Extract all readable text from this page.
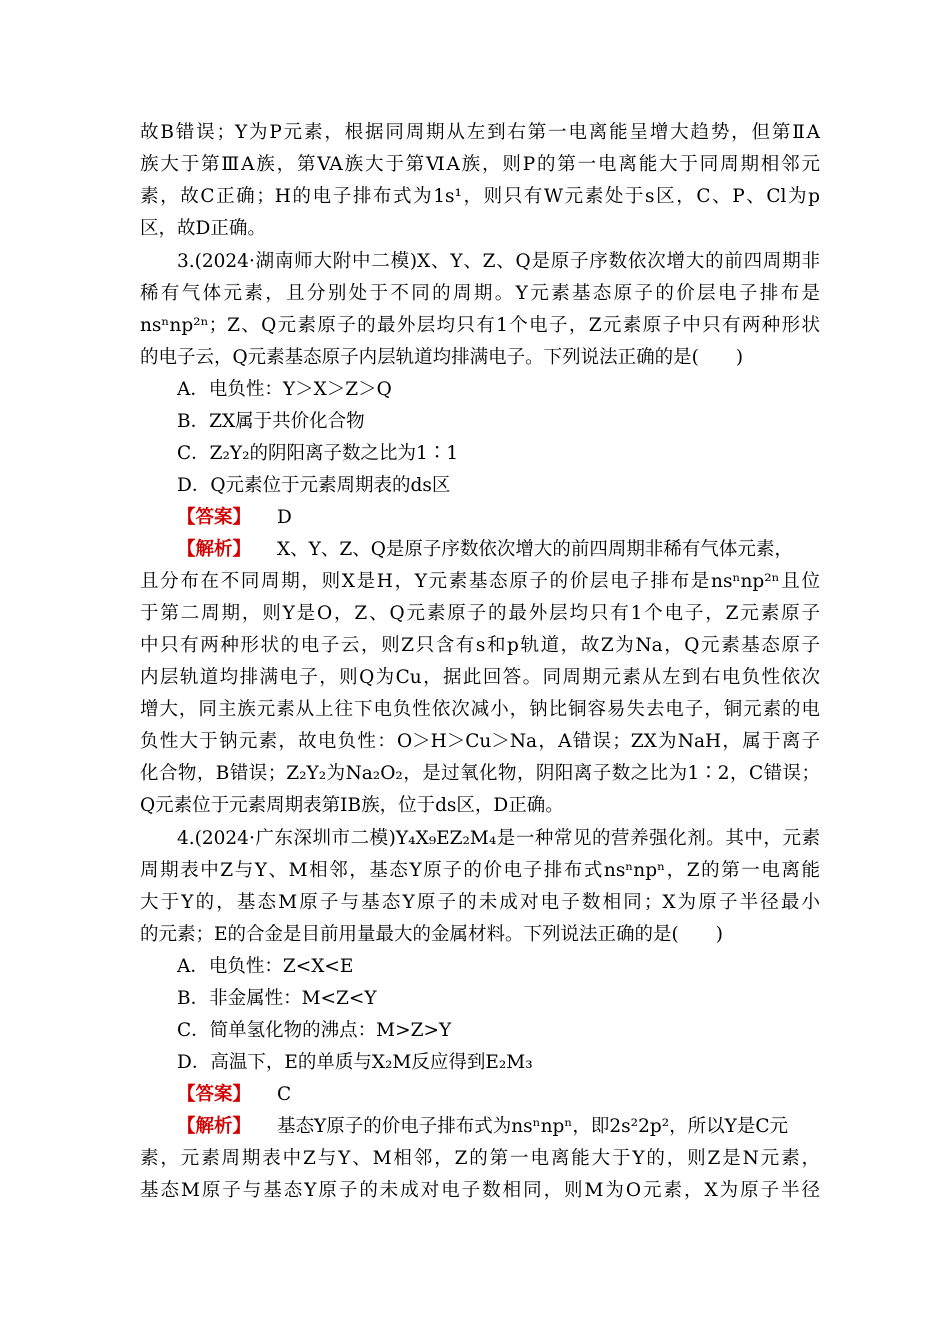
故B错误；Y为P元素，根据同周期从左到右第一电离能呈增大趋势，但第ⅡA
族大于第ⅢA族，第VA族大于第ⅥA族，则P的第一电离能大于同周期相邻元
素，故C正确；H的电子排布式为1s¹，则只有W元素处于s区，C、P、Cl为p
区，故D正确。
3.(2024·湖南师大附中二模)X、Y、Z、Q是原子序数依次增大的前四周期非
稀有气体元素，且分别处于不同的周期。Y元素基态原子的价层电子排布是
nsⁿnp²ⁿ；Z、Q元素原子的最外层均只有1个电子，Z元素原子中只有两种形状
的电子云，Q元素基态原子内层轨道均排满电子。下列说法正确的是(　　)
A．电负性：Y＞X＞Z＞Q
B．ZX属于共价化合物
C．Z₂Y₂的阴阳离子数之比为1∶1
D．Q元素位于元素周期表的ds区
【答案】 D
【解析】 X、Y、Z、Q是原子序数依次增大的前四周期非稀有气体元素，
且分布在不同周期，则X是H，Y元素基态原子的价层电子排布是nsⁿnp²ⁿ且位
于第二周期，则Y是O，Z、Q元素原子的最外层均只有1个电子，Z元素原子
中只有两种形状的电子云，则Z只含有s和p轨道，故Z为Na，Q元素基态原子
内层轨道均排满电子，则Q为Cu，据此回答。同周期元素从左到右电负性依次
增大，同主族元素从上往下电负性依次减小，钠比铜容易失去电子，铜元素的电
负性大于钠元素，故电负性：O＞H＞Cu＞Na，A错误；ZX为NaH，属于离子
化合物，B错误；Z₂Y₂为Na₂O₂，是过氧化物，阴阳离子数之比为1∶2，C错误；
Q元素位于元素周期表第ⅠB族，位于ds区，D正确。
4.(2024·广东深圳市二模)Y₄X₉EZ₂M₄是一种常见的营养强化剂。其中，元素
周期表中Z与Y、M相邻，基态Y原子的价电子排布式nsⁿnpⁿ，Z的第一电离能
大于Y的，基态M原子与基态Y原子的未成对电子数相同；X为原子半径最小
的元素；E的合金是目前用量最大的金属材料。下列说法正确的是(　　)
A．电负性：Z<X<E
B．非金属性：M<Z<Y
C．简单氢化物的沸点：M>Z>Y
D．高温下，E的单质与X₂M反应得到E₂M₃
【答案】 C
【解析】 基态Y原子的价电子排布式为nsⁿnpⁿ，即2s²2p²，所以Y是C元
素，元素周期表中Z与Y、M相邻，Z的第一电离能大于Y的，则Z是N元素，
基态M原子与基态Y原子的未成对电子数相同，则M为O元素，X为原子半径
